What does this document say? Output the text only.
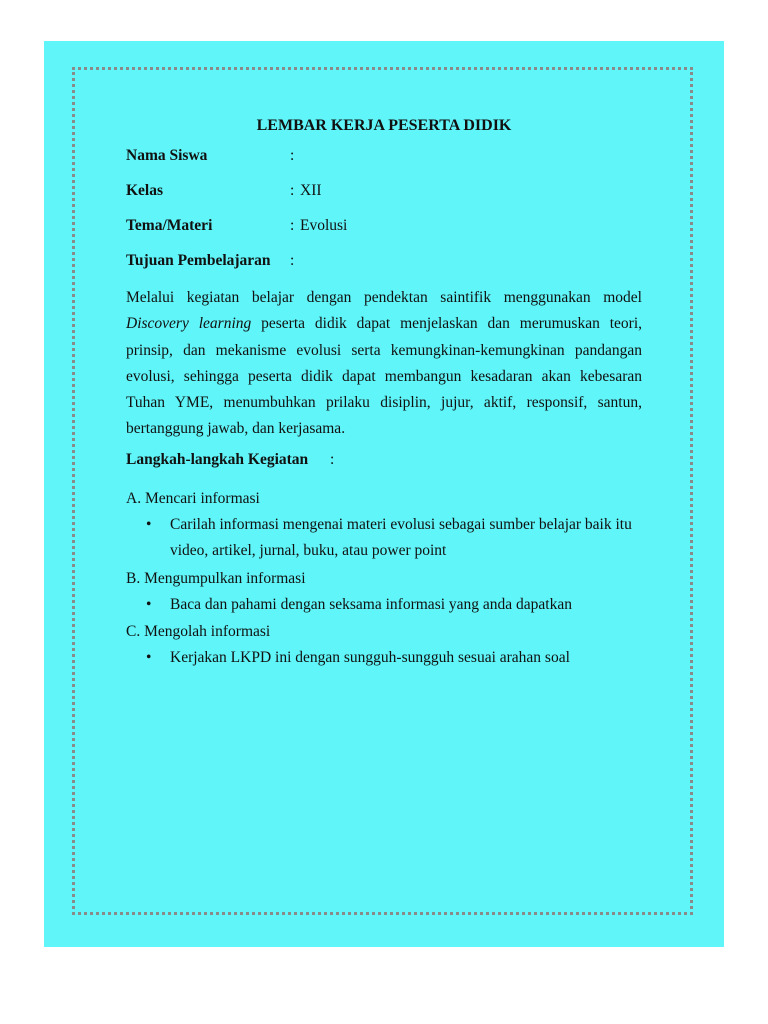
LEMBAR KERJA PESERTA DIDIK
Nama Siswa	:
Kelas	: XII
Tema/Materi	: Evolusi
Tujuan Pembelajaran :
Melalui kegiatan belajar dengan pendektan saintifik menggunakan model Discovery learning peserta didik dapat menjelaskan dan merumuskan teori, prinsip, dan mekanisme evolusi serta kemungkinan-kemungkinan pandangan evolusi, sehingga peserta didik dapat membangun kesadaran akan kebesaran Tuhan YME, menumbuhkan prilaku disiplin, jujur, aktif, responsif, santun, bertanggung jawab, dan kerjasama.
Langkah-langkah Kegiatan :
A. Mencari informasi
• Carilah informasi mengenai materi evolusi sebagai sumber belajar baik itu video, artikel, jurnal, buku, atau power point
B. Mengumpulkan informasi
• Baca dan pahami dengan seksama informasi yang anda dapatkan
C. Mengolah informasi
• Kerjakan LKPD ini dengan sungguh-sungguh sesuai arahan soal
